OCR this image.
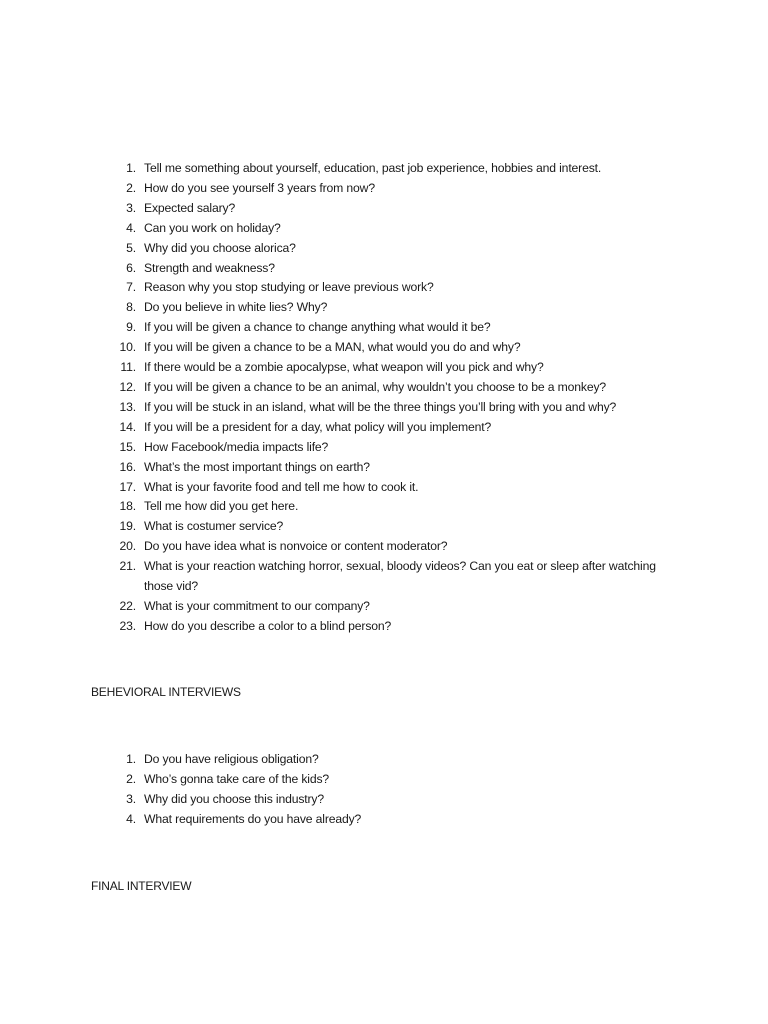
1. Tell me something about yourself, education, past job experience, hobbies and interest.
2. How do you see yourself 3 years from now?
3. Expected salary?
4. Can you work on holiday?
5. Why did you choose alorica?
6. Strength and weakness?
7. Reason why you stop studying or leave previous work?
8. Do you believe in white lies? Why?
9. If you will be given a chance to change anything what would it be?
10. If you will be given a chance to be a MAN, what would you do and why?
11. If there would be a zombie apocalypse, what weapon will you pick and why?
12. If you will be given a chance to be an animal, why wouldn’t you choose to be a monkey?
13. If you will be stuck in an island, what will be the three things you’ll bring with you and why?
14. If you will be a president for a day, what policy will you implement?
15. How Facebook/media impacts life?
16. What’s the most important things on earth?
17. What is your favorite food and tell me how to cook it.
18. Tell me how did you get here.
19. What is costumer service?
20. Do you have idea what is nonvoice or content moderator?
21. What is your reaction watching horror, sexual, bloody videos? Can you eat or sleep after watching those vid?
22. What is your commitment to our company?
23. How do you describe a color to a blind person?
BEHEVIORAL INTERVIEWS
1. Do you have religious obligation?
2. Who’s gonna take care of the kids?
3. Why did you choose this industry?
4. What requirements do you have already?
FINAL INTERVIEW
